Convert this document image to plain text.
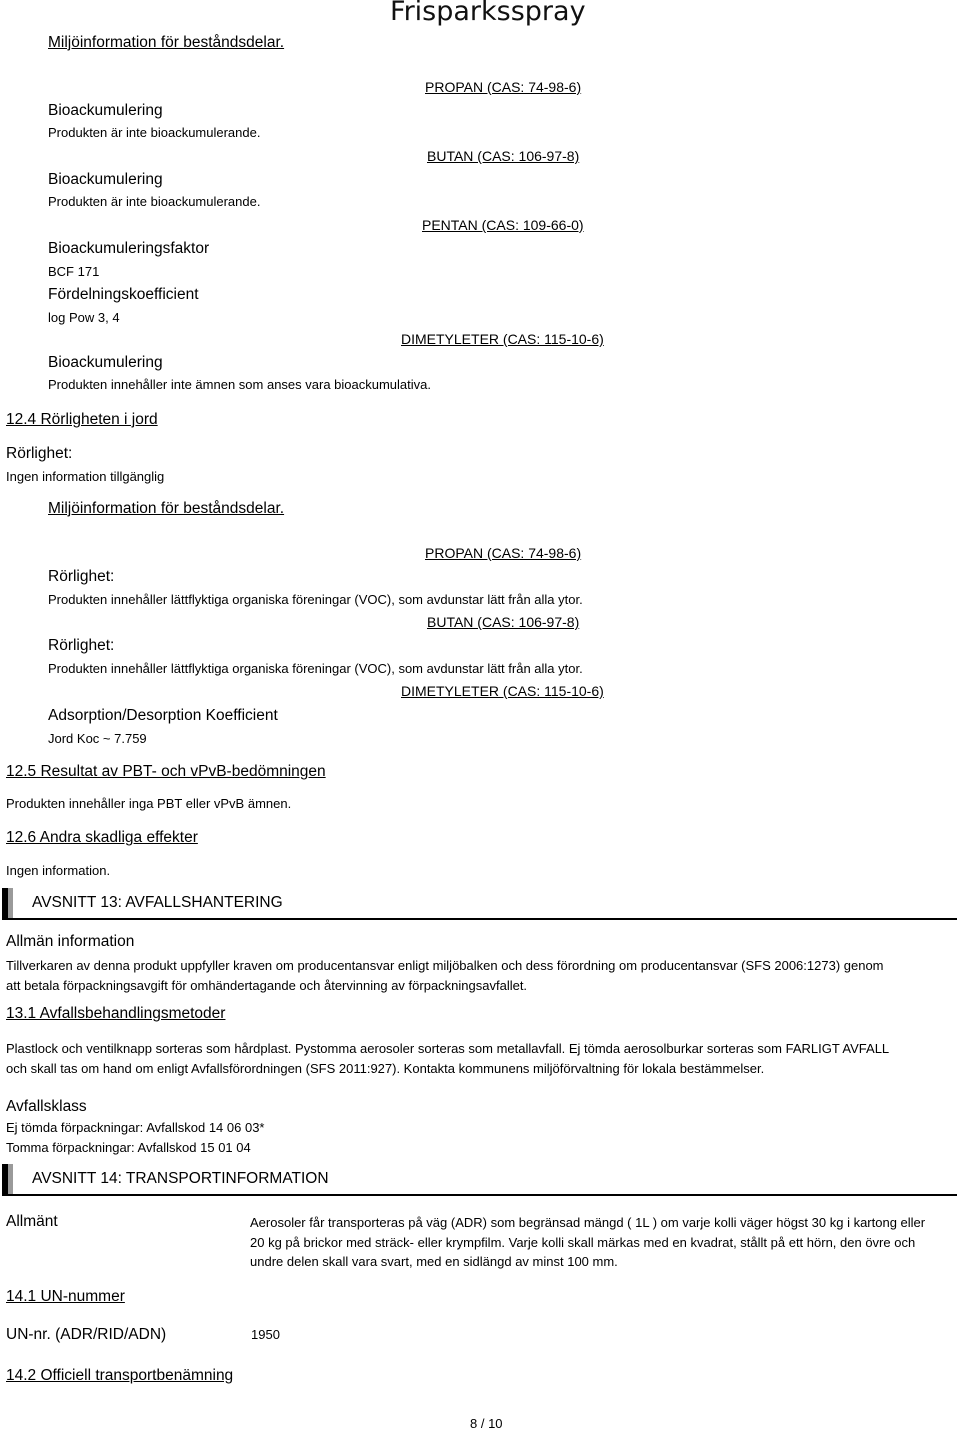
Frisparksspray
Miljöinformation för beståndsdelar.
PROPAN (CAS: 74-98-6)
Bioackumulering
Produkten är inte bioackumulerande.
BUTAN (CAS: 106-97-8)
Bioackumulering
Produkten är inte bioackumulerande.
PENTAN (CAS: 109-66-0)
Bioackumuleringsfaktor
BCF 171
Fördelningskoefficient
log Pow 3, 4
DIMETYLETER (CAS: 115-10-6)
Bioackumulering
Produkten innehåller inte ämnen som anses vara bioackumulativa.
12.4 Rörligheten i jord
Rörlighet:
Ingen information tillgänglig
Miljöinformation för beståndsdelar.
PROPAN (CAS: 74-98-6)
Rörlighet:
Produkten innehåller lättflyktiga organiska föreningar (VOC), som avdunstar lätt från alla ytor.
BUTAN (CAS: 106-97-8)
Rörlighet:
Produkten innehåller lättflyktiga organiska föreningar (VOC), som avdunstar lätt från alla ytor.
DIMETYLETER (CAS: 115-10-6)
Adsorption/Desorption Koefficient
Jord Koc ~ 7.759
12.5 Resultat av PBT- och vPvB-bedömningen
Produkten innehåller inga PBT eller vPvB ämnen.
12.6 Andra skadliga effekter
Ingen information.
AVSNITT 13: AVFALLSHANTERING
Allmän information
Tillverkaren av denna produkt uppfyller kraven om producentansvar enligt miljöbalken och dess förordning om producentansvar (SFS 2006:1273) genom att betala förpackningsavgift för omhändertagande och återvinning av förpackningsavfallet.
13.1 Avfallsbehandlingsmetoder
Plastlock och ventilknapp sorteras som hårdplast. Pystomma aerosoler sorteras som metallavfall. Ej tömda aerosolburkar sorteras som FARLIGT AVFALL och skall tas om hand om enligt Avfallsförordningen (SFS 2011:927). Kontakta kommunens miljöförvaltning för lokala bestämmelser.
Avfallsklass
Ej tömda förpackningar: Avfallskod 14 06 03*
Tomma förpackningar: Avfallskod 15 01 04
AVSNITT 14: TRANSPORTINFORMATION
Allmänt	Aerosoler får transporteras på väg (ADR) som begränsad mängd ( 1L ) om varje kolli väger högst 30 kg i kartong eller 20 kg på brickor med sträck- eller krympfilm. Varje kolli skall märkas med en kvadrat, stållt på ett hörn, den övre och undre delen skall vara svart, med en sidlängd av minst 100 mm.
14.1 UN-nummer
UN-nr. (ADR/RID/ADN)	1950
14.2 Officiell transportbenämning
8 / 10
